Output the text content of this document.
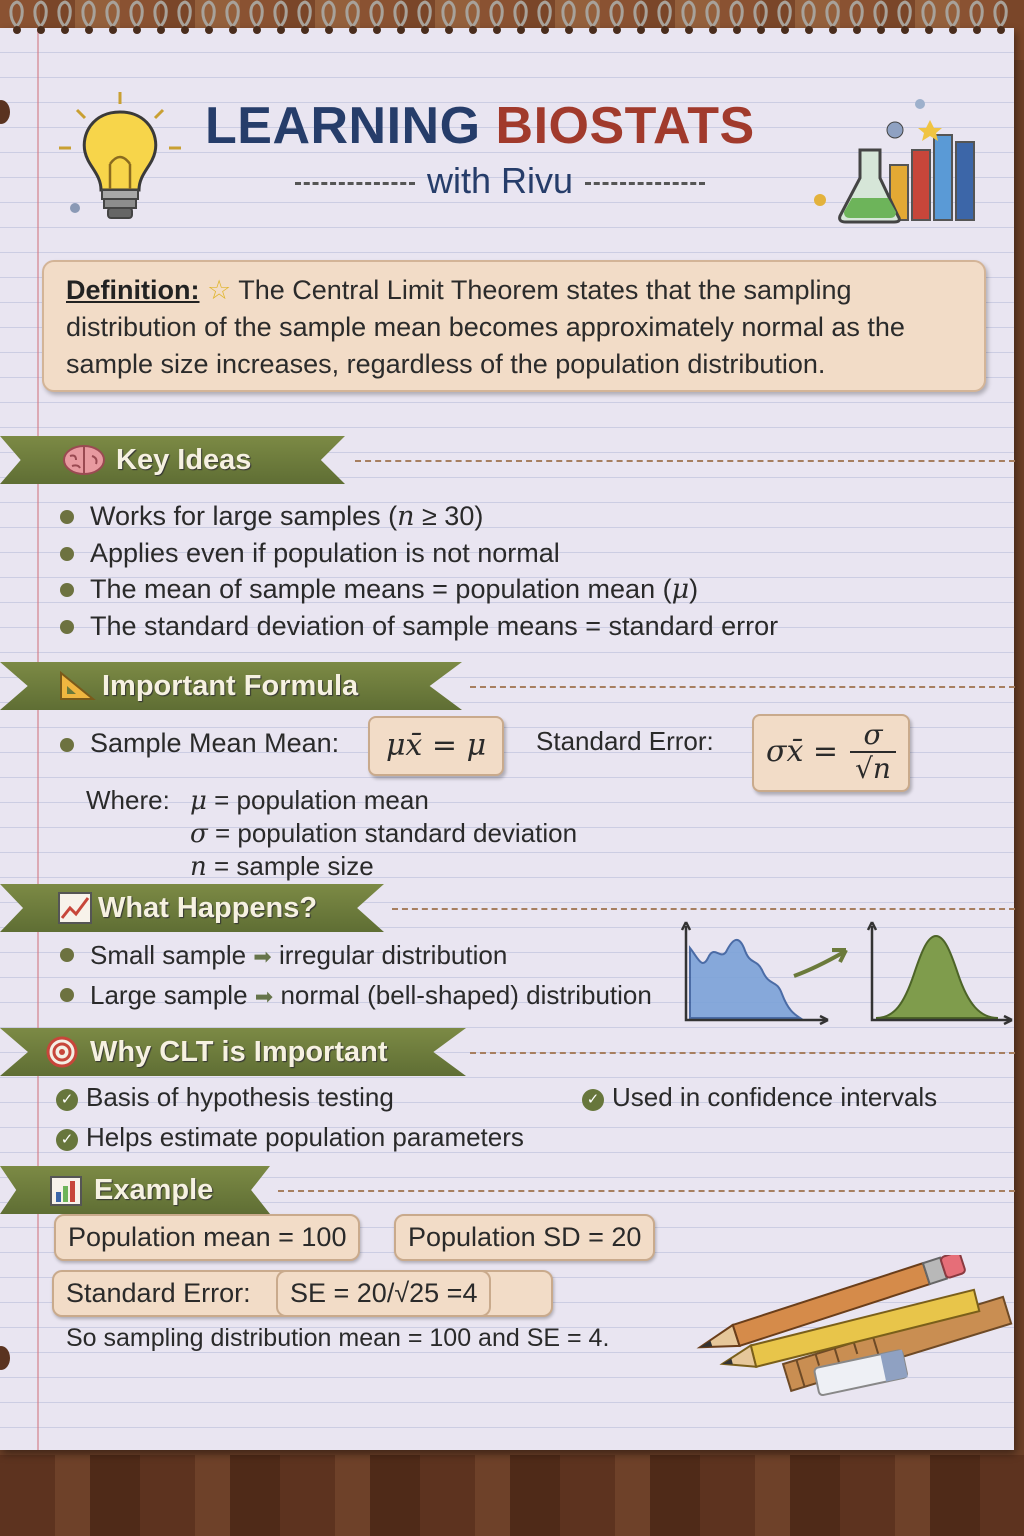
LEARNING BIOSTATS
with Rivu
Definition: ☆ The Central Limit Theorem states that the sampling distribution of the sample mean becomes approximately normal as the sample size increases, regardless of the population distribution.
Key Ideas
Works for large samples (n ≥ 30)
Applies even if population is not normal
The mean of sample means = population mean (μ)
The standard deviation of sample means = standard error
Important Formula
Sample Mean Mean:	μx̄ = μ	Standard Error: σx̄ = σ
√n
Where: μ = population mean
σ = population standard deviation
n = sample size
What Happens?
Small sample ➡ irregular distribution
Large sample ➡ normal (bell-shaped) distribution
Why CLT is Important
✓ Basis of hypothesis testing	✓ Used in confidence intervals
✓ Helps estimate population parameters
Example
Population mean = 100	Population SD = 20
Standard Error:	SE = 20/√25 =4
So sampling distribution mean = 100 and SE = 4.
